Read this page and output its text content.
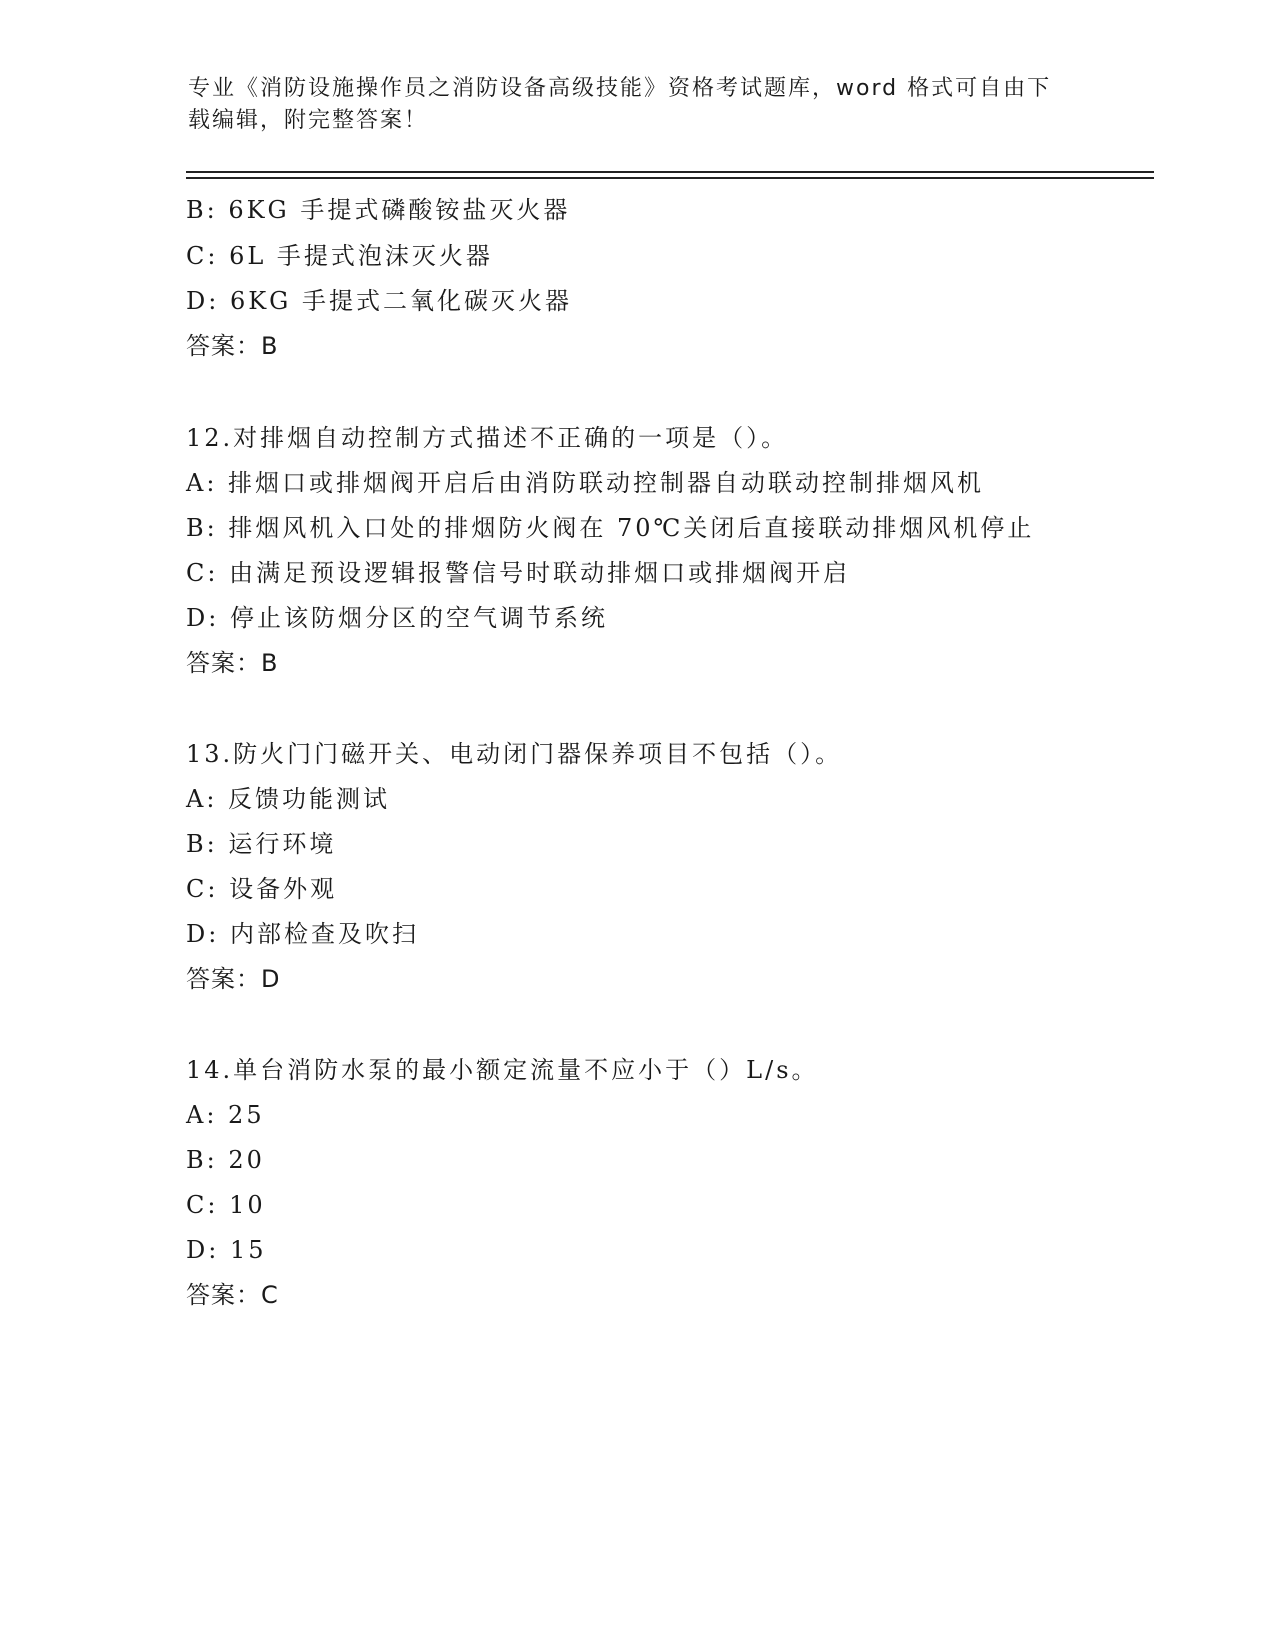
专业《消防设施操作员之消防设备高级技能》资格考试题库，word 格式可自由下
载编辑，附完整答案！
B: 6KG 手提式磷酸铵盐灭火器
C: 6L 手提式泡沫灭火器
D: 6KG 手提式二氧化碳灭火器
答案：B
12.对排烟自动控制方式描述不正确的一项是（）。
A: 排烟口或排烟阀开启后由消防联动控制器自动联动控制排烟风机
B: 排烟风机入口处的排烟防火阀在 70℃关闭后直接联动排烟风机停止
C: 由满足预设逻辑报警信号时联动排烟口或排烟阀开启
D: 停止该防烟分区的空气调节系统
答案：B
13.防火门门磁开关、电动闭门器保养项目不包括（）。
A: 反馈功能测试
B: 运行环境
C: 设备外观
D: 内部检查及吹扫
答案：D
14.单台消防水泵的最小额定流量不应小于（）L/s。
A: 25
B: 20
C: 10
D: 15
答案：C
